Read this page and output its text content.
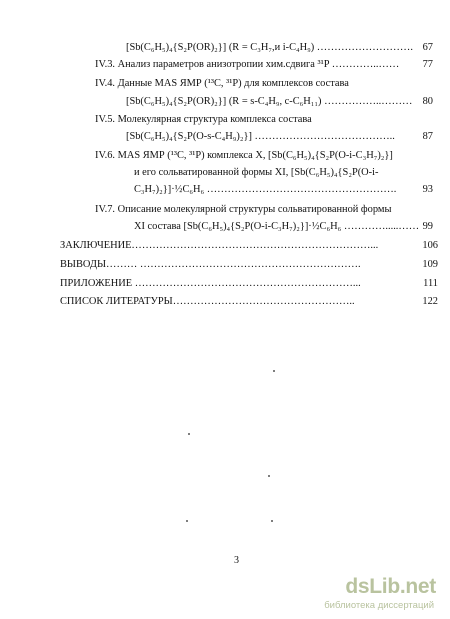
[Sb(C₆H₅)₄{S₂P(OR)₂}] (R = C₃H₇,и i-C₄H₉) ………………………. 67
IV.3. Анализ параметров анизотропии хим.сдвига ³¹P …………..……	77
IV.4. Данные MAS ЯМР (¹³C, ³¹P) для комплексов состава
[Sb(C₆H₅)₄{S₂P(OR)₂}] (R = s-C₄H₉, c-C₆H₁₁) ……………..……… 80
IV.5. Молекулярная структура комплекса состава
[Sb(C₆H₅)₄{S₂P(O-s-C₄H₉)₂}] …………………………………..	87
IV.6. MAS ЯМР (¹³C, ³¹P) комплекса X, [Sb(C₆H₅)₄{S₂P(O-i-C₃H₇)₂}]
и его сольватированной формы XI, [Sb(C₆H₅)₄{S₂P(O-i-
C₃H₇)₂}]·½C₆H₆ ……………………………………………….	93
IV.7. Описание молекулярной структуры сольватированной формы
XI состава [Sb(C₆H₅)₄{S₂P(O-i-C₃H₇)₂}]·½C₆H₆ ………….....…… 99
ЗАКЛЮЧЕНИЕ……………………………………………………………...	106
ВЫВОДЫ……… ……………………………………………………….	109
ПРИЛОЖЕНИЕ ………………………………………………………...	111
СПИСОК ЛИТЕРАТУРЫ……………………………………………..	122
3
dsLib.net
библиотека диссертаций
